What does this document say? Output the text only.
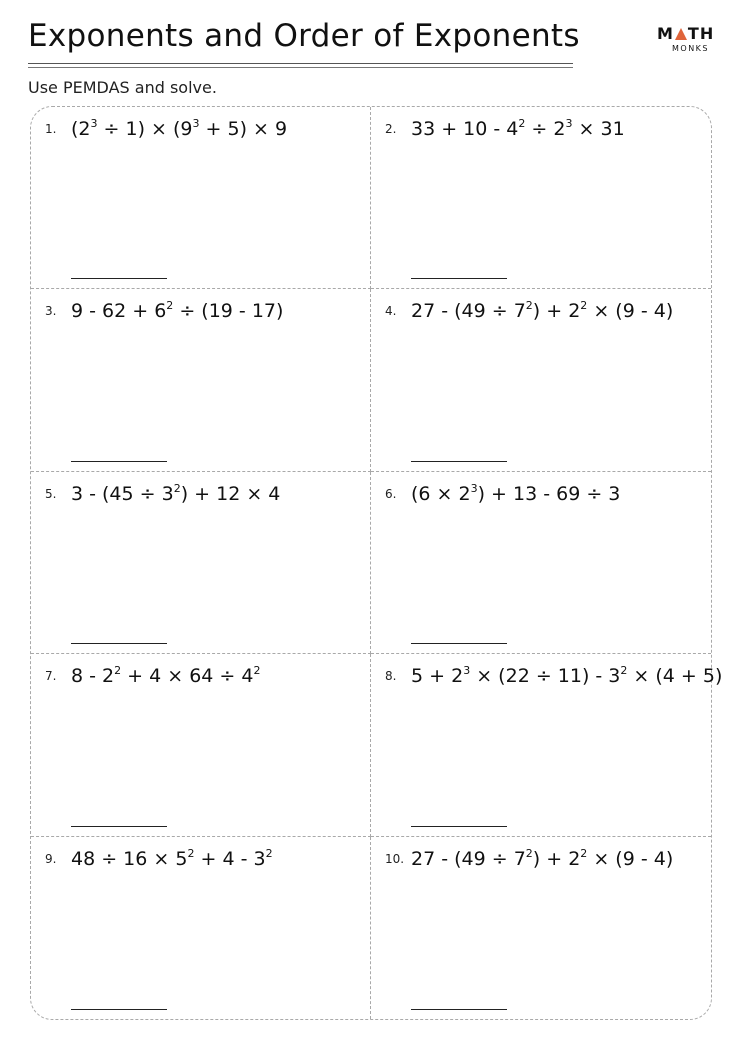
Exponents and Order of Exponents	M TH
MONKS
Use PEMDAS and solve.
1. $(2^3 \div 1) \times (9^3 + 5) \times 9$	2. $33 + 10 - 4^2 \div 2^3 \times 31$
3. $9 - 62 + 6^2 \div (19 - 17)$	4. $27 - (49 \div 7^2) + 2^2 \times (9 - 4)$
5. $3 - (45 \div 3^2) + 12 \times 4$	6. $(6 \times 2^3) + 13 - 69 \div 3$
7. $8 - 2^2 + 4 \times 64 \div 4^2$	8. $5 + 2^3 \times (22 \div 11) - 3^2 \times (4 + 5)$
9. $48 \div 16 \times 5^2 + 4 - 3^2$	10. $27 - (49 \div 7^2) + 2^2 \times (9 - 4)$
